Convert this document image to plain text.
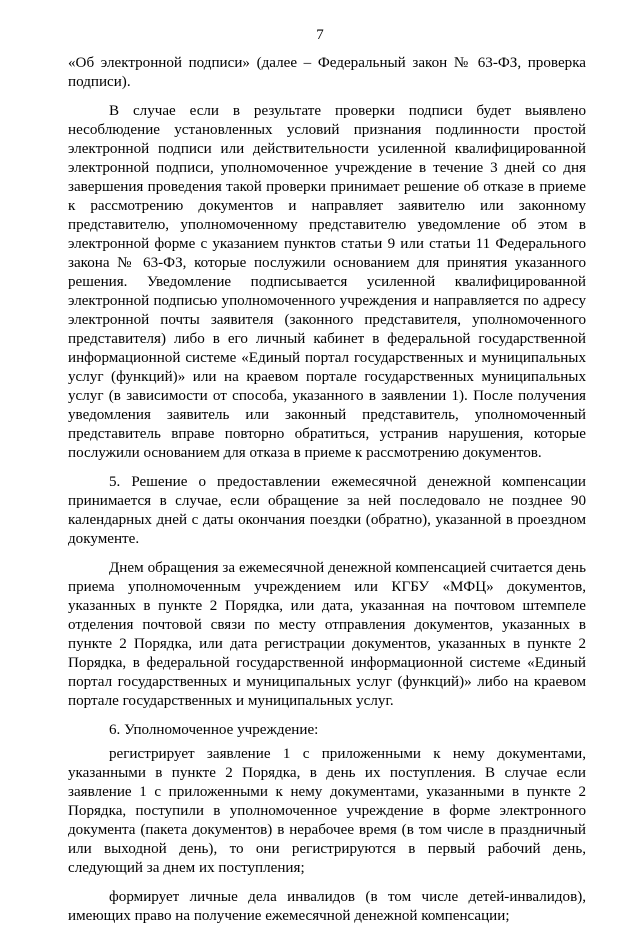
7

«Об электронной подписи» (далее – Федеральный закон № 63-ФЗ, проверка подписи).

В случае если в результате проверки подписи будет выявлено несоблюдение установленных условий признания подлинности простой электронной подписи или действительности усиленной квалифицированной электронной подписи, уполномоченное учреждение в течение 3 дней со дня завершения проведения такой проверки принимает решение об отказе в приеме к рассмотрению документов и направляет заявителю или законному представителю, уполномоченному представителю уведомление об этом в электронной форме с указанием пунктов статьи 9 или статьи 11 Федерального закона № 63-ФЗ, которые послужили основанием для принятия указанного решения. Уведомление подписывается усиленной квалифицированной электронной подписью уполномоченного учреждения и направляется по адресу электронной почты заявителя (законного представителя, уполномоченного представителя) либо в его личный кабинет в федеральной государственной информационной системе «Единый портал государственных и муниципальных услуг (функций)» или на краевом портале государственных муниципальных услуг (в зависимости от способа, указанного в заявлении 1). После получения уведомления заявитель или законный представитель, уполномоченный представитель вправе повторно обратиться, устранив нарушения, которые послужили основанием для отказа в приеме к рассмотрению документов.

5. Решение о предоставлении ежемесячной денежной компенсации принимается в случае, если обращение за ней последовало не позднее 90 календарных дней с даты окончания поездки (обратно), указанной в проездном документе.

Днем обращения за ежемесячной денежной компенсацией считается день приема уполномоченным учреждением или КГБУ «МФЦ» документов, указанных в пункте 2 Порядка, или дата, указанная на почтовом штемпеле отделения почтовой связи по месту отправления документов, указанных в пункте 2 Порядка, или дата регистрации документов, указанных в пункте 2 Порядка, в федеральной государственной информационной системе «Единый портал государственных и муниципальных услуг (функций)» либо на краевом портале государственных и муниципальных услуг.

6. Уполномоченное учреждение:

регистрирует заявление 1 с приложенными к нему документами, указанными в пункте 2 Порядка, в день их поступления. В случае если заявление 1 с приложенными к нему документами, указанными в пункте 2 Порядка, поступили в уполномоченное учреждение в форме электронного документа (пакета документов) в нерабочее время (в том числе в праздничный или выходной день), то они регистрируются в первый рабочий день, следующий за днем их поступления;

формирует личные дела инвалидов (в том числе детей-инвалидов), имеющих право на получение ежемесячной денежной компенсации;
